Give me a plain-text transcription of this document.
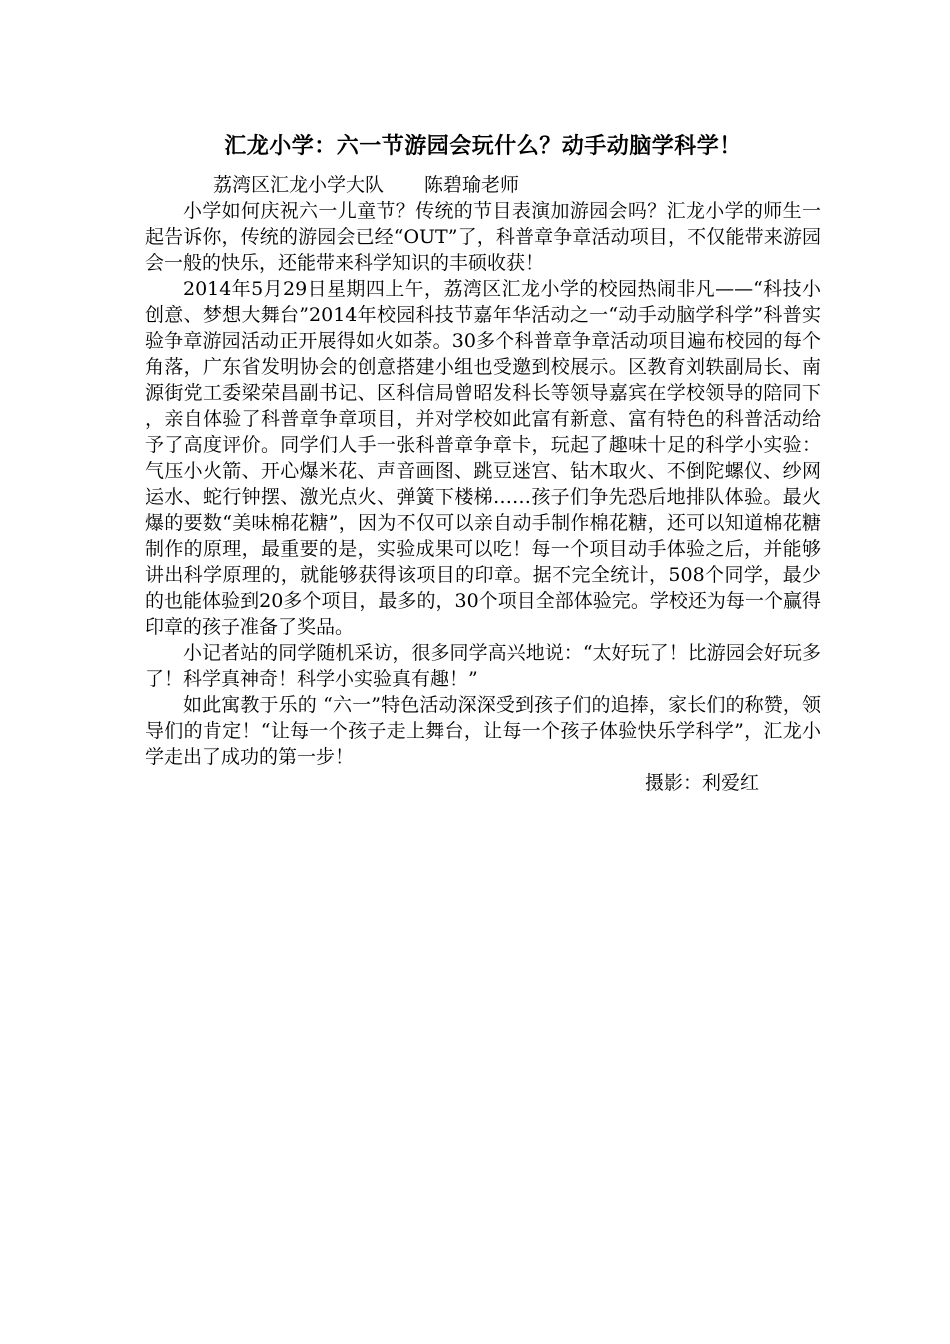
汇龙小学：六一节游园会玩什么？动手动脑学科学！

荔湾区汇龙小学大队 陈碧瑜老师

小学如何庆祝六一儿童节？传统的节目表演加游园会吗？汇龙小学的师生一起告诉你，传统的游园会已经“OUT”了，科普章争章活动项目，不仅能带来游园会一般的快乐，还能带来科学知识的丰硕收获！

2014年5月29日星期四上午，荔湾区汇龙小学的校园热闹非凡——“科技小创意、梦想大舞台”2014年校园科技节嘉年华活动之一“动手动脑学科学”科普实验争章游园活动正开展得如火如荼。30多个科普章争章活动项目遍布校园的每个角落，广东省发明协会的创意搭建小组也受邀到校展示。区教育刘轶副局长、南源街党工委梁荣昌副书记、区科信局曾昭发科长等领导嘉宾在学校领导的陪同下，亲自体验了科普章争章项目，并对学校如此富有新意、富有特色的科普活动给予了高度评价。同学们人手一张科普章争章卡，玩起了趣味十足的科学小实验：气压小火箭、开心爆米花、声音画图、跳豆迷宫、钻木取火、不倒陀螺仪、纱网运水、蛇行钟摆、激光点火、弹簧下楼梯……孩子们争先恐后地排队体验。最火爆的要数“美味棉花糖”，因为不仅可以亲自动手制作棉花糖，还可以知道棉花糖制作的原理，最重要的是，实验成果可以吃！每一个项目动手体验之后，并能够讲出科学原理的，就能够获得该项目的印章。据不完全统计，508个同学，最少的也能体验到20多个项目，最多的，30个项目全部体验完。学校还为每一个赢得印章的孩子准备了奖品。

小记者站的同学随机采访，很多同学高兴地说：“太好玩了！比游园会好玩多了！科学真神奇！科学小实验真有趣！”

如此寓教于乐的 “六一”特色活动深深受到孩子们的追捧，家长们的称赞，领导们的肯定！“让每一个孩子走上舞台，让每一个孩子体验快乐学科学”，汇龙小学走出了成功的第一步！

摄影：利爱红
